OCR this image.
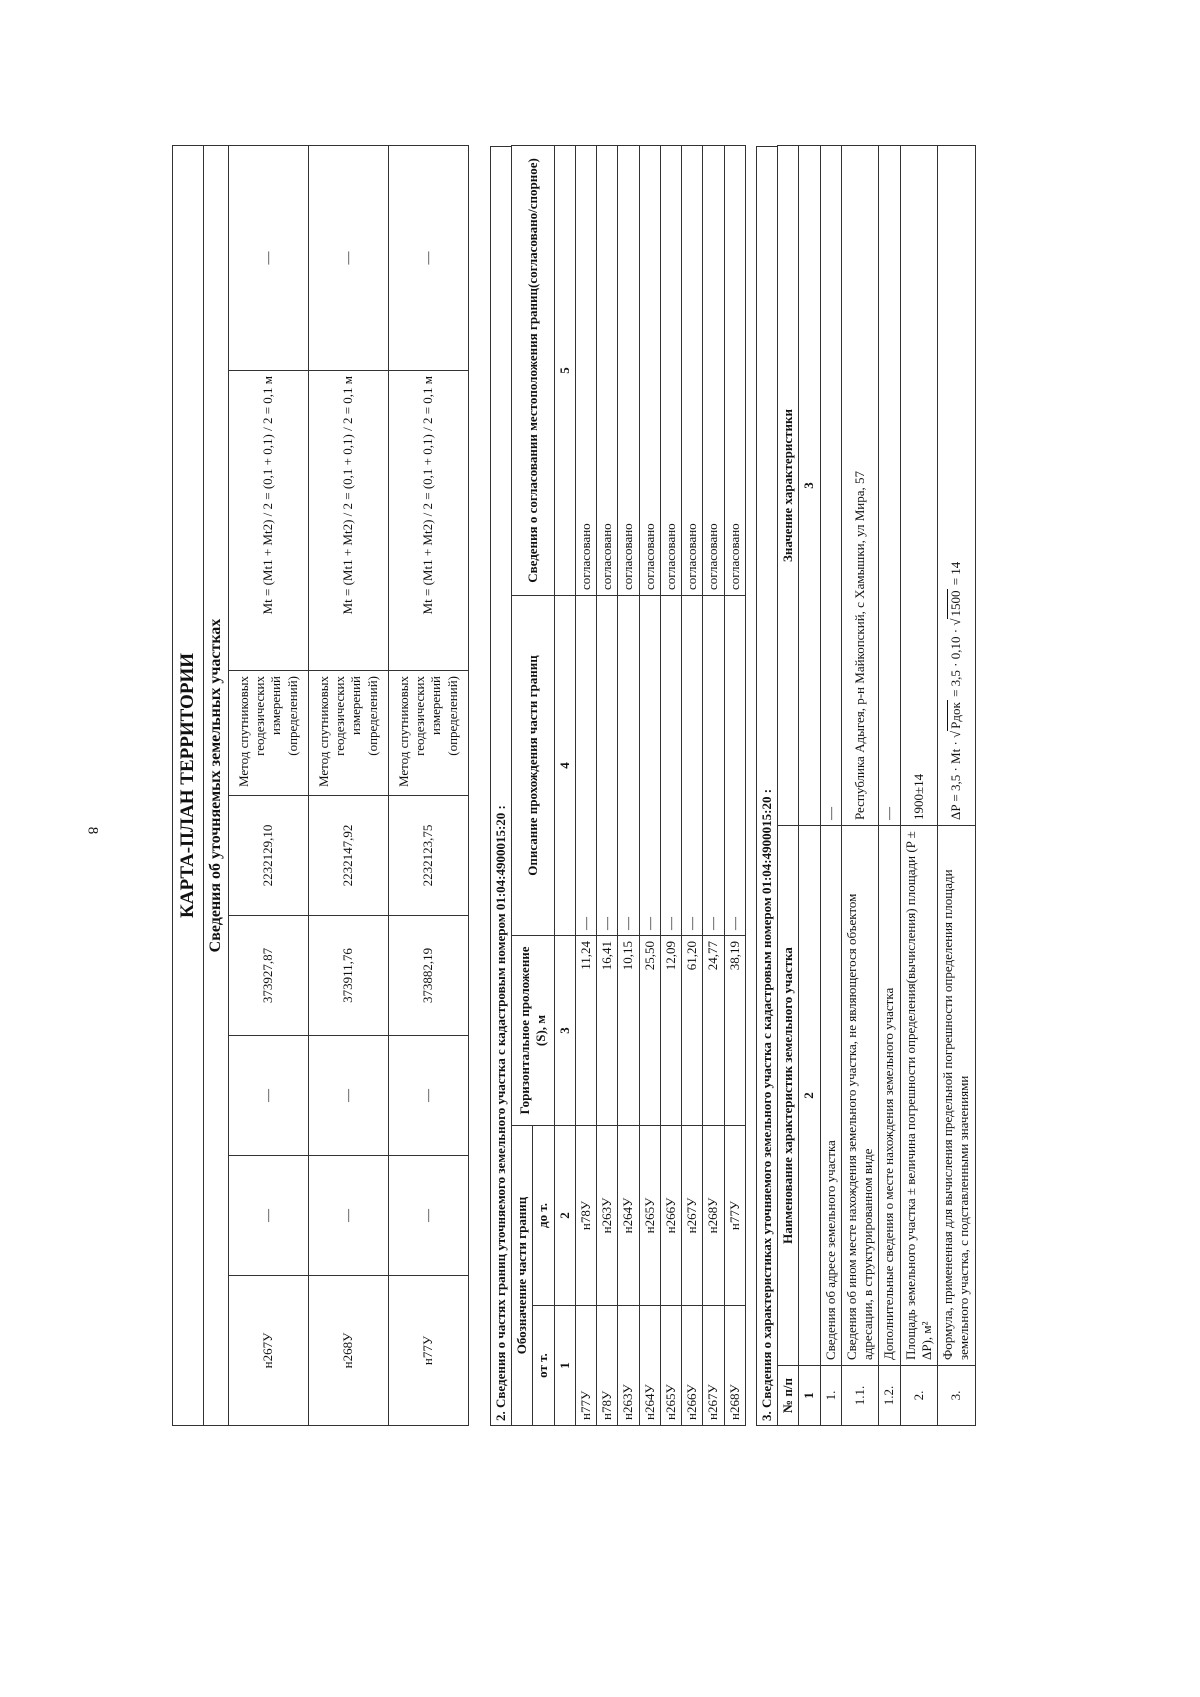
8	КАРТА-ПЛАН ТЕРРИТОРИИ							
Сведения об уточняемых земельных участках							
н267У	—	—	373927,87	2232129,10	Метод спутниковых геодезических измерений (определений)	Mt = (Mt1 + Mt2) / 2 = (0,1 + 0,1) / 2 = 0,1 м	—
н268У	—	—	373911,76	2232147,92	Метод спутниковых геодезических измерений (определений)	Mt = (Mt1 + Mt2) / 2 = (0,1 + 0,1) / 2 = 0,1 м	—
н77У	—	—	373882,19	2232123,75	Метод спутниковых геодезических измерений (определений)	Mt = (Mt1 + Mt2) / 2 = (0,1 + 0,1) / 2 = 0,1 м	—
2. Сведения о частях границ уточняемого земельного участка с кадастровым номером 01:04:4900015:20 : Обозначение части границ		Горизонтальное проложение (S), м	Описание прохождения части границ	Сведения о согласовании местоположения границ(согласовано/спорное)
от т.	до т.			
1	2	3	4	5
н77У	н78У	11,24	—	согласовано
н78У	н263У	16,41	—	согласовано
н263У	н264У	10,15	—	согласовано
н264У	н265У	25,50	—	согласовано
н265У	н266У	12,09	—	согласовано
н266У	н267У	61,20	—	согласовано
н267У	н268У	24,77	—	согласовано
н268У	н77У	38,19	—	согласовано
3. Сведения о характеристиках уточняемого земельного участка с кадастровым номером 01:04:4900015:20 : № п/п	Наименование характеристик земельного участка	Значение характеристики
1	2	3
1.	Сведения об адресе земельного участка	—
1.1.	Сведения об ином месте нахождения земельного участка, не являющегося объектом адресации, в структурированном виде	Республика Адыгея, р-н Майкопский, с Хамышки, ул Мира, 57
1.2.	Дополнительные сведения о месте нахождения земельного участка	—
2.	Площадь земельного участка ± величина погрешности определения(вычисления) площади (P ± ΔP), м²	1900±14
3.	Формула, примененная для вычисления предельной погрешности определения площади земельного участка, с подставленными значениями	ΔP = 3,5 · Mt · √Pдок = 3,5 · 0,10 · √1500 = 14
